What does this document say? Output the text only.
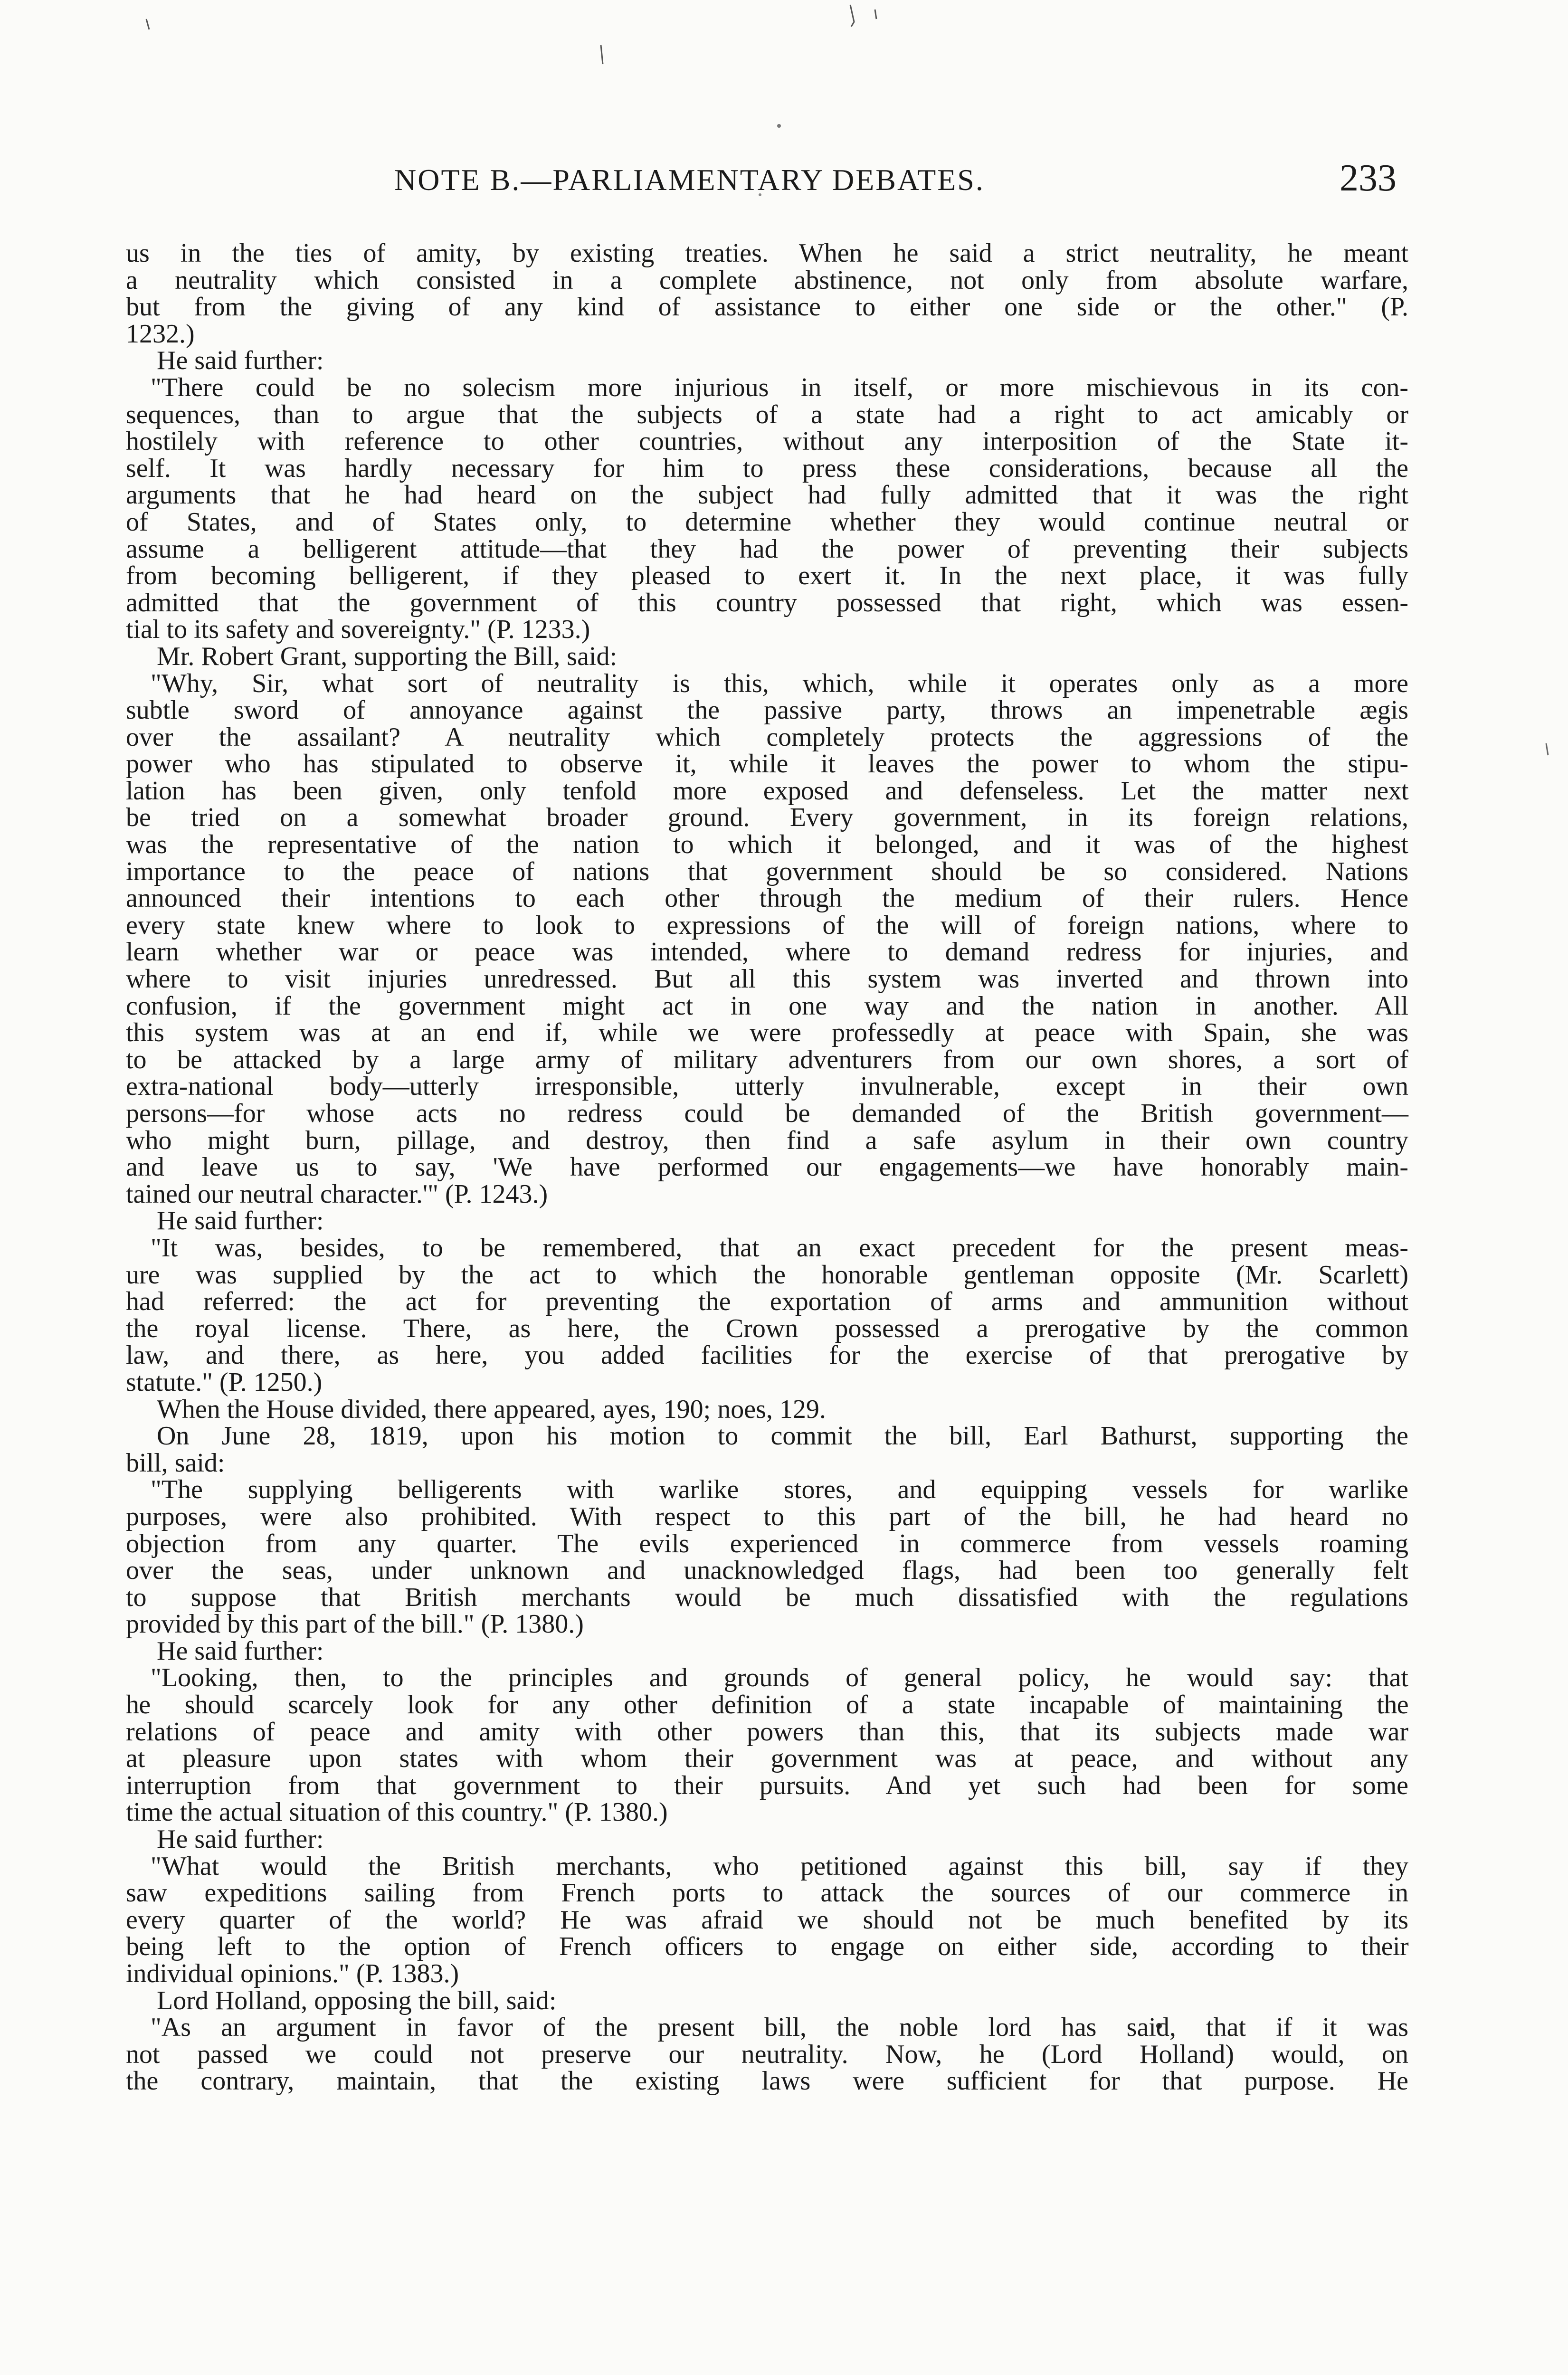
NOTE B.—PARLIAMENTARY DEBATES.	233
us in the ties of amity, by existing treaties. When he said a strict neutrality, he meant
a neutrality which consisted in a complete abstinence, not only from absolute warfare,
but from the giving of any kind of assistance to either one side or the other." (P.
1232.)
He said further:
"There could be no solecism more injurious in itself, or more mischievous in its con-
sequences, than to argue that the subjects of a state had a right to act amicably or
hostilely with reference to other countries, without any interposition of the State it-
self. It was hardly necessary for him to press these considerations, because all the
arguments that he had heard on the subject had fully admitted that it was the right
of States, and of States only, to determine whether they would continue neutral or
assume a belligerent attitude—that they had the power of preventing their subjects
from becoming belligerent, if they pleased to exert it. In the next place, it was fully
admitted that the government of this country possessed that right, which was essen-
tial to its safety and sovereignty." (P. 1233.)
Mr. Robert Grant, supporting the Bill, said:
"Why, Sir, what sort of neutrality is this, which, while it operates only as a more
subtle sword of annoyance against the passive party, throws an impenetrable ægis
over the assailant? A neutrality which completely protects the aggressions of the
power who has stipulated to observe it, while it leaves the power to whom the stipu-
lation has been given, only tenfold more exposed and defenseless. Let the matter next
be tried on a somewhat broader ground. Every government, in its foreign relations,
was the representative of the nation to which it belonged, and it was of the highest
importance to the peace of nations that government should be so considered. Nations
announced their intentions to each other through the medium of their rulers. Hence
every state knew where to look to expressions of the will of foreign nations, where to
learn whether war or peace was intended, where to demand redress for injuries, and
where to visit injuries unredressed. But all this system was inverted and thrown into
confusion, if the government might act in one way and the nation in another. All
this system was at an end if, while we were professedly at peace with Spain, she was
to be attacked by a large army of military adventurers from our own shores, a sort of
extra-national body—utterly irresponsible, utterly invulnerable, except in their own
persons—for whose acts no redress could be demanded of the British government—
who might burn, pillage, and destroy, then find a safe asylum in their own country
and leave us to say, 'We have performed our engagements—we have honorably main-
tained our neutral character.'" (P. 1243.)
He said further:
"It was, besides, to be remembered, that an exact precedent for the present meas-
ure was supplied by the act to which the honorable gentleman opposite (Mr. Scarlett)
had referred: the act for preventing the exportation of arms and ammunition without
the royal license. There, as here, the Crown possessed a prerogative by the common
law, and there, as here, you added facilities for the exercise of that prerogative by
statute." (P. 1250.)
When the House divided, there appeared, ayes, 190; noes, 129.
On June 28, 1819, upon his motion to commit the bill, Earl Bathurst, supporting the
bill, said:
"The supplying belligerents with warlike stores, and equipping vessels for warlike
purposes, were also prohibited. With respect to this part of the bill, he had heard no
objection from any quarter. The evils experienced in commerce from vessels roaming
over the seas, under unknown and unacknowledged flags, had been too generally felt
to suppose that British merchants would be much dissatisfied with the regulations
provided by this part of the bill." (P. 1380.)
He said further:
"Looking, then, to the principles and grounds of general policy, he would say: that
he should scarcely look for any other definition of a state incapable of maintaining the
relations of peace and amity with other powers than this, that its subjects made war
at pleasure upon states with whom their government was at peace, and without any
interruption from that government to their pursuits. And yet such had been for some
time the actual situation of this country." (P. 1380.)
He said further:
"What would the British merchants, who petitioned against this bill, say if they
saw expeditions sailing from French ports to attack the sources of our commerce in
every quarter of the world? He was afraid we should not be much benefited by its
being left to the option of French officers to engage on either side, according to their
individual opinions." (P. 1383.)
Lord Holland, opposing the bill, said:
"As an argument in favor of the present bill, the noble lord has said, that if it was
not passed we could not preserve our neutrality. Now, he (Lord Holland) would, on
the contrary, maintain, that the existing laws were sufficient for that purpose. He
